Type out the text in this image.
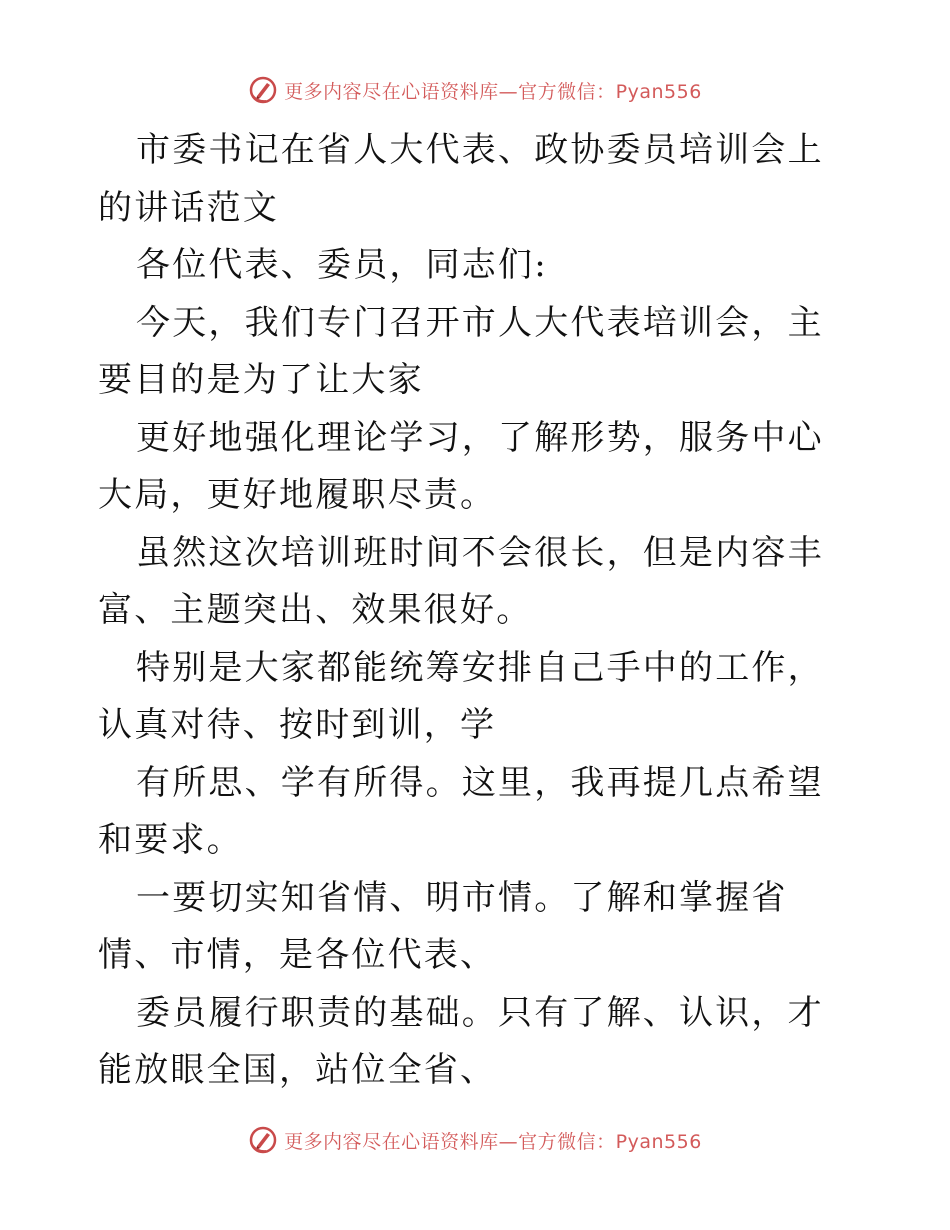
更多内容尽在心语资料库—官方微信：Pyan556

市委书记在省人大代表、政协委员培训会上的讲话范文

各位代表、委员，同志们:

今天，我们专门召开市人大代表培训会，主要目的是为了让大家

更好地强化理论学习，了解形势，服务中心大局，更好地履职尽责。

虽然这次培训班时间不会很长，但是内容丰富、主题突出、效果很好。

特别是大家都能统筹安排自己手中的工作，认真对待、按时到训，学

有所思、学有所得。这里，我再提几点希望和要求。

一要切实知省情、明市情。了解和掌握省情、市情，是各位代表、

委员履行职责的基础。只有了解、认识，才能放眼全国，站位全省、

更多内容尽在心语资料库—官方微信：Pyan556
